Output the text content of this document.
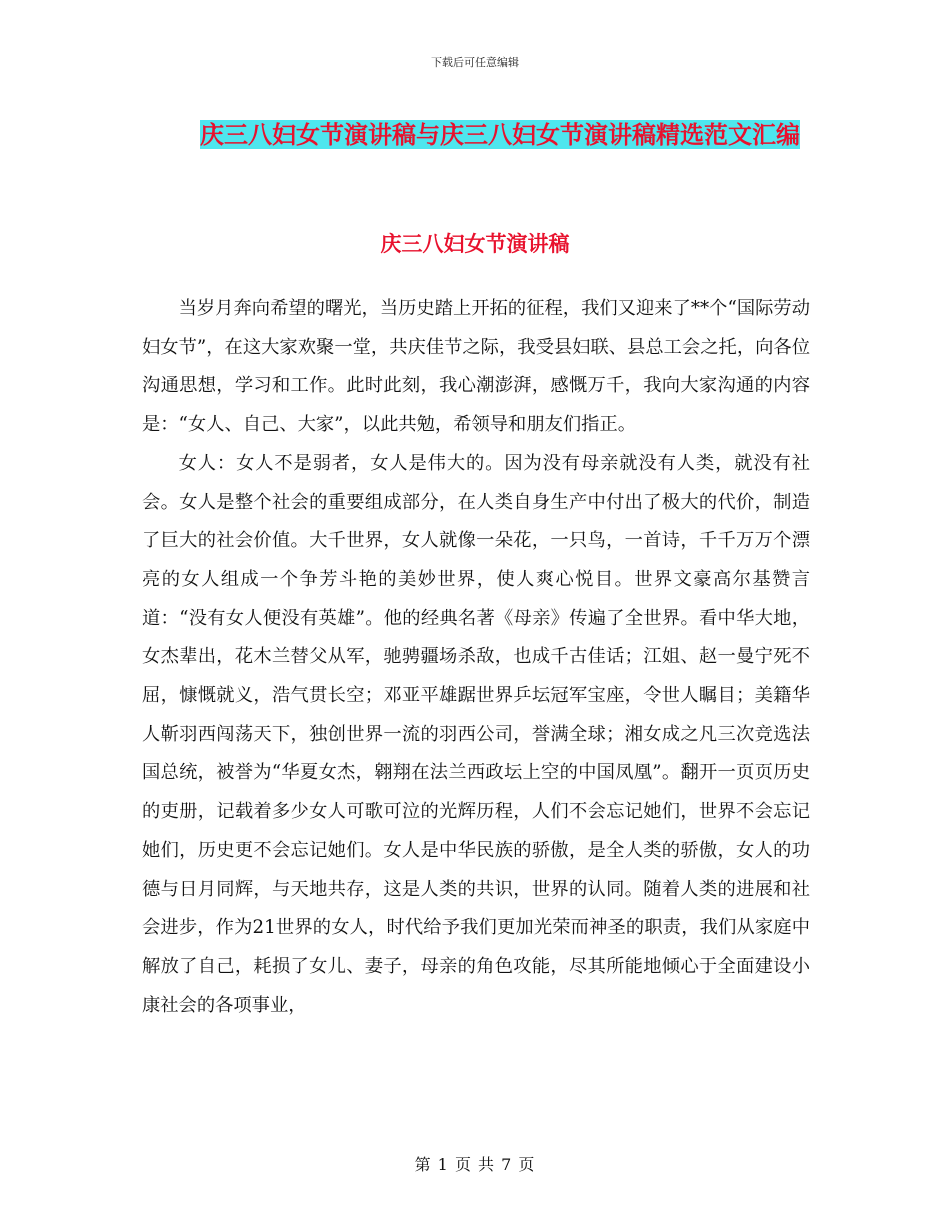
下载后可任意编辑
庆三八妇女节演讲稿与庆三八妇女节演讲稿精选范文汇编
庆三八妇女节演讲稿

当岁月奔向希望的曙光，当历史踏上开拓的征程，我们又迎来了**个“国际劳动妇女节”，在这大家欢聚一堂，共庆佳节之际，我受县妇联、县总工会之托，向各位沟通思想，学习和工作。此时此刻，我心潮澎湃，感慨万千，我向大家沟通的内容是：“女人、自己、大家”，以此共勉，希领导和朋友们指正。

女人：女人不是弱者，女人是伟大的。因为没有母亲就没有人类，就没有社会。女人是整个社会的重要组成部分，在人类自身生产中付出了极大的代价，制造了巨大的社会价值。大千世界，女人就像一朵花，一只鸟，一首诗，千千万万个漂亮的女人组成一个争芳斗艳的美妙世界，使人爽心悦目。世界文豪高尔基赞言道：“没有女人便没有英雄”。他的经典名著《母亲》传遍了全世界。看中华大地，女杰辈出，花木兰替父从军，驰骋疆场杀敌，也成千古佳话；江姐、赵一曼宁死不屈，慷慨就义，浩气贯长空；邓亚平雄踞世界乒坛冠军宝座，令世人瞩目；美籍华人靳羽西闯荡天下，独创世界一流的羽西公司，誉满全球；湘女成之凡三次竞选法国总统，被誉为“华夏女杰，翱翔在法兰西政坛上空的中国凤凰”。翻开一页页历史的吏册，记载着多少女人可歌可泣的光辉历程，人们不会忘记她们，世界不会忘记她们，历史更不会忘记她们。女人是中华民族的骄傲，是全人类的骄傲，女人的功德与日月同辉，与天地共存，这是人类的共识，世界的认同。随着人类的进展和社会进步，作为21世界的女人，时代给予我们更加光荣而神圣的职责，我们从家庭中解放了自己，耗损了女儿、妻子，母亲的角色攻能，尽其所能地倾心于全面建设小康社会的各项事业，

第 1 页 共 7 页
